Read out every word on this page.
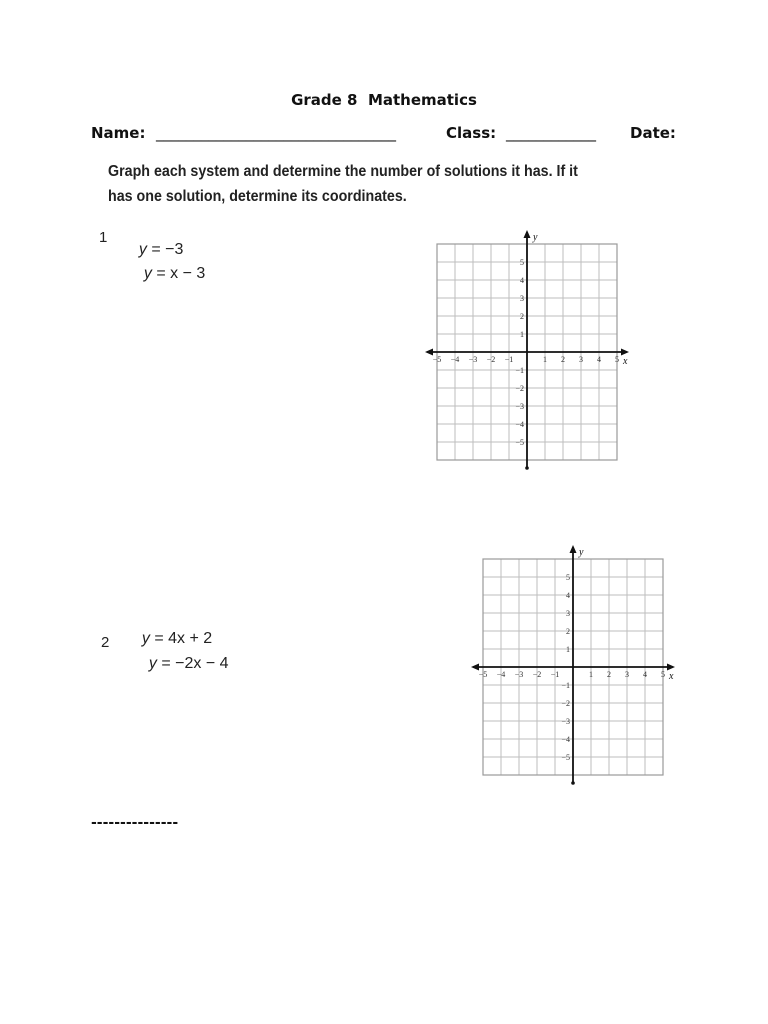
Grade 8  Mathematics
Name: ________________________________	Class: ____________ Date:
Graph each system and determine the number of solutions it has. If it has one solution, determine its coordinates.
1

y = −3

y = x − 3

x
y
−5 −4 −3 −2 −1	1 2 3 4 5
5
4
3
2
1
−1
−2
−3
−4
−5
2	y = 4x + 2

y = −2x − 4

x
y
−5 −4 −3 −2 −1	1 2 3 4 5
5
4
3
2
1
−1
−2
−3
−4
−5
---------------
